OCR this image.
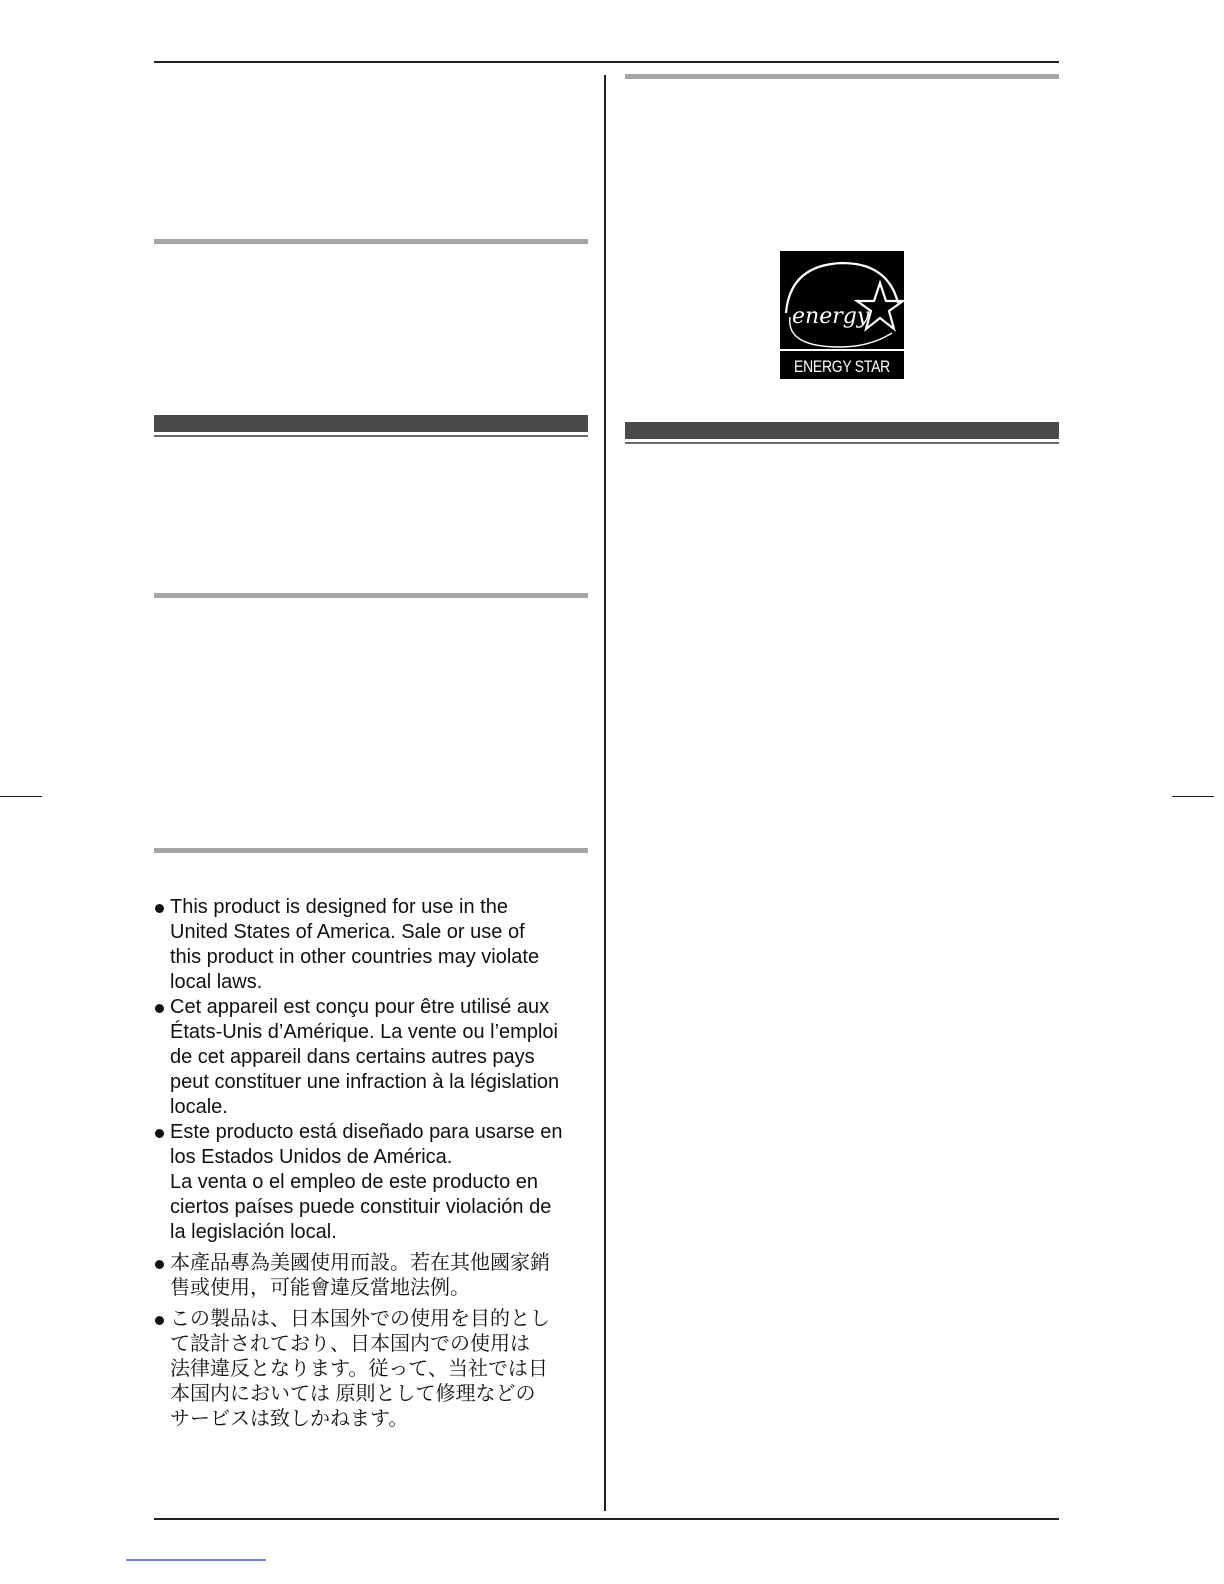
energy
ENERGY STAR
This product is designed for use in the
United States of America. Sale or use of
this product in other countries may violate
local laws.
Cet appareil est conçu pour être utilisé aux
États-Unis d’Amérique. La vente ou l’emploi
de cet appareil dans certains autres pays
peut constituer une infraction à la législation
locale.
Este producto está diseñado para usarse en
los Estados Unidos de América.
La venta o el empleo de este producto en
ciertos países puede constituir violación de
la legislación local.
本產品專為美國使用而設。若在其他國家銷
售或使用，可能會違反當地法例。
この製品は、日本国外での使用を目的とし
て設計されており、日本国内での使用は
法律違反となります。従って、当社では日
本国内においては 原則として修理などの
サービスは致しかねます。
